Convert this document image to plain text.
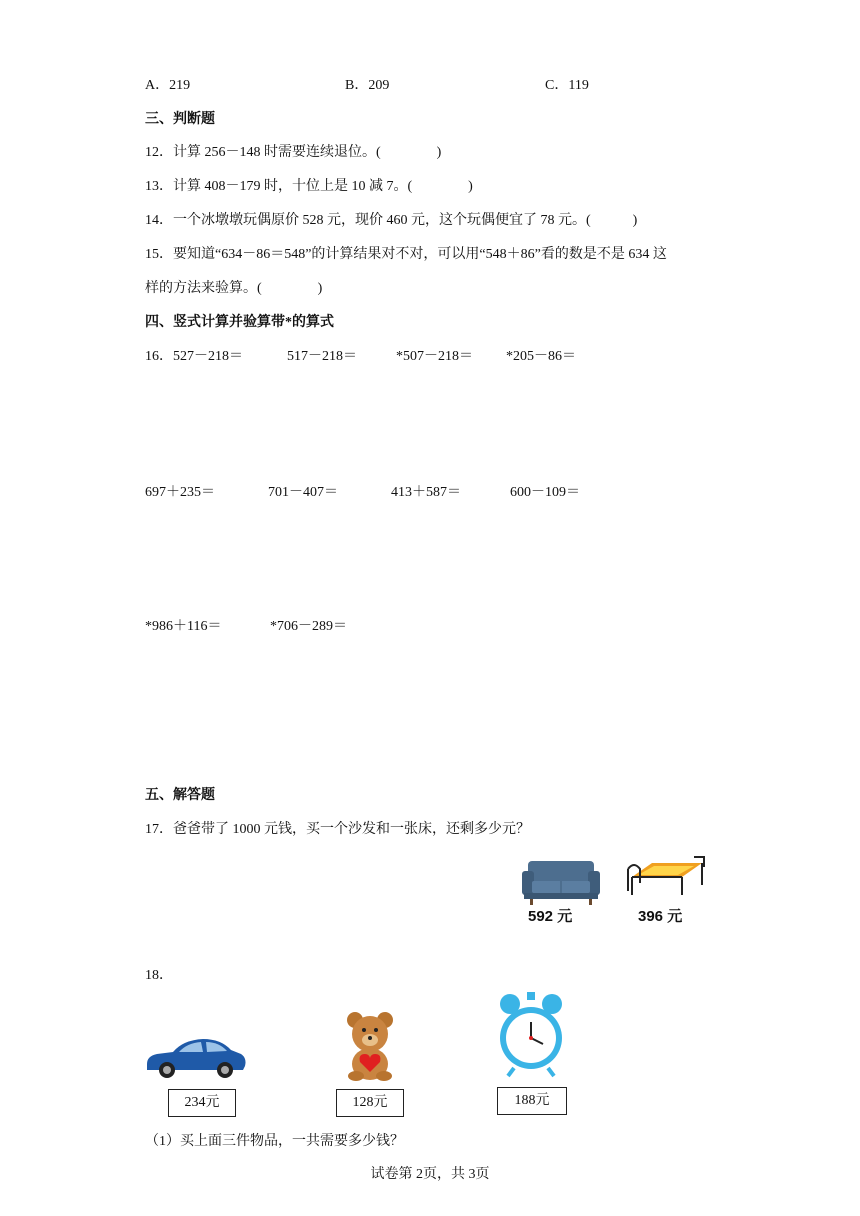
A．219	B．209	C．119
三、判断题
12．计算 256－148 时需要连续退位。(　　　　)
13．计算 408－179 时，十位上是 10 减 7。(　　　　)
14．一个冰墩墩玩偶原价 528 元，现价 460 元，这个玩偶便宜了 78 元。(　　　)
15．要知道“634－86＝548”的计算结果对不对，可以用“548＋86”看的数是不是 634 这
样的方法来验算。(　　　　)
四、竖式计算并验算带*的算式
16．527－218＝	517－218＝	*507－218＝ *205－86＝
697＋235＝	701－407＝	413＋587＝	600－109＝
*986＋116＝	*706－289＝
五、解答题
17．爸爸带了 1000 元钱，买一个沙发和一张床，还剩多少元？
592 元	396 元
18．
234元	128元	188元
（1）买上面三件物品，一共需要多少钱？
试卷第 2页，共 3页
